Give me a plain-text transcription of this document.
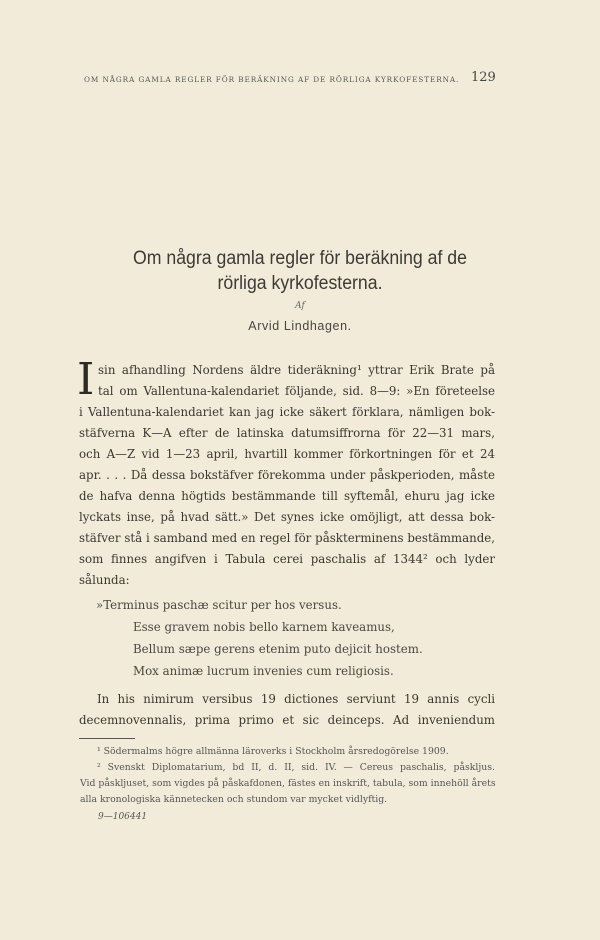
OM NÅGRA GAMLA REGLER FÖR BERÄKNING AF DE RÖRLIGA KYRKOFESTERNA. 129
Om några gamla regler för beräkning af de
rörliga kyrkofesterna.
Af
Arvid Lindhagen.
I sin afhandling Nordens äldre tideräkning¹ yttrar Erik Brate på
tal om Vallentuna-kalendariet följande, sid. 8—9: »En företeelse
i Vallentuna-kalendariet kan jag icke säkert förklara, nämligen bok-
stäfverna K—A efter de latinska datumsiffrorna för 22—31 mars,
och A—Z vid 1—23 april, hvartill kommer förkortningen för et 24
apr. . . . Då dessa bokstäfver förekomma under påskperioden, måste
de hafva denna högtids bestämmande till syftemål, ehuru jag icke
lyckats inse, på hvad sätt.» Det synes icke omöjligt, att dessa bok-
stäfver stå i samband med en regel för påskterminens bestämmande,
som finnes angifven i Tabula cerei paschalis af 1344² och lyder
sålunda:
»Terminus paschæ scitur per hos versus.
Esse gravem nobis bello karnem kaveamus,
Bellum sæpe gerens etenim puto dejicit hostem.
Mox animæ lucrum invenies cum religiosis.
In his nimirum versibus 19 dictiones serviunt 19 annis cycli
decemnovennalis, prima primo et sic deinceps. Ad inveniendum
¹ Södermalms högre allmänna läroverks i Stockholm årsredogörelse 1909.
² Svenskt Diplomatarium, bd II, d. II, sid. IV. — Cereus paschalis, påskljus.
Vid påskljuset, som vigdes på påskafdonen, fästes en inskrift, tabula, som innehöll årets
alla kronologiska kännetecken och stundom var mycket vidlyftig.
9—106441
